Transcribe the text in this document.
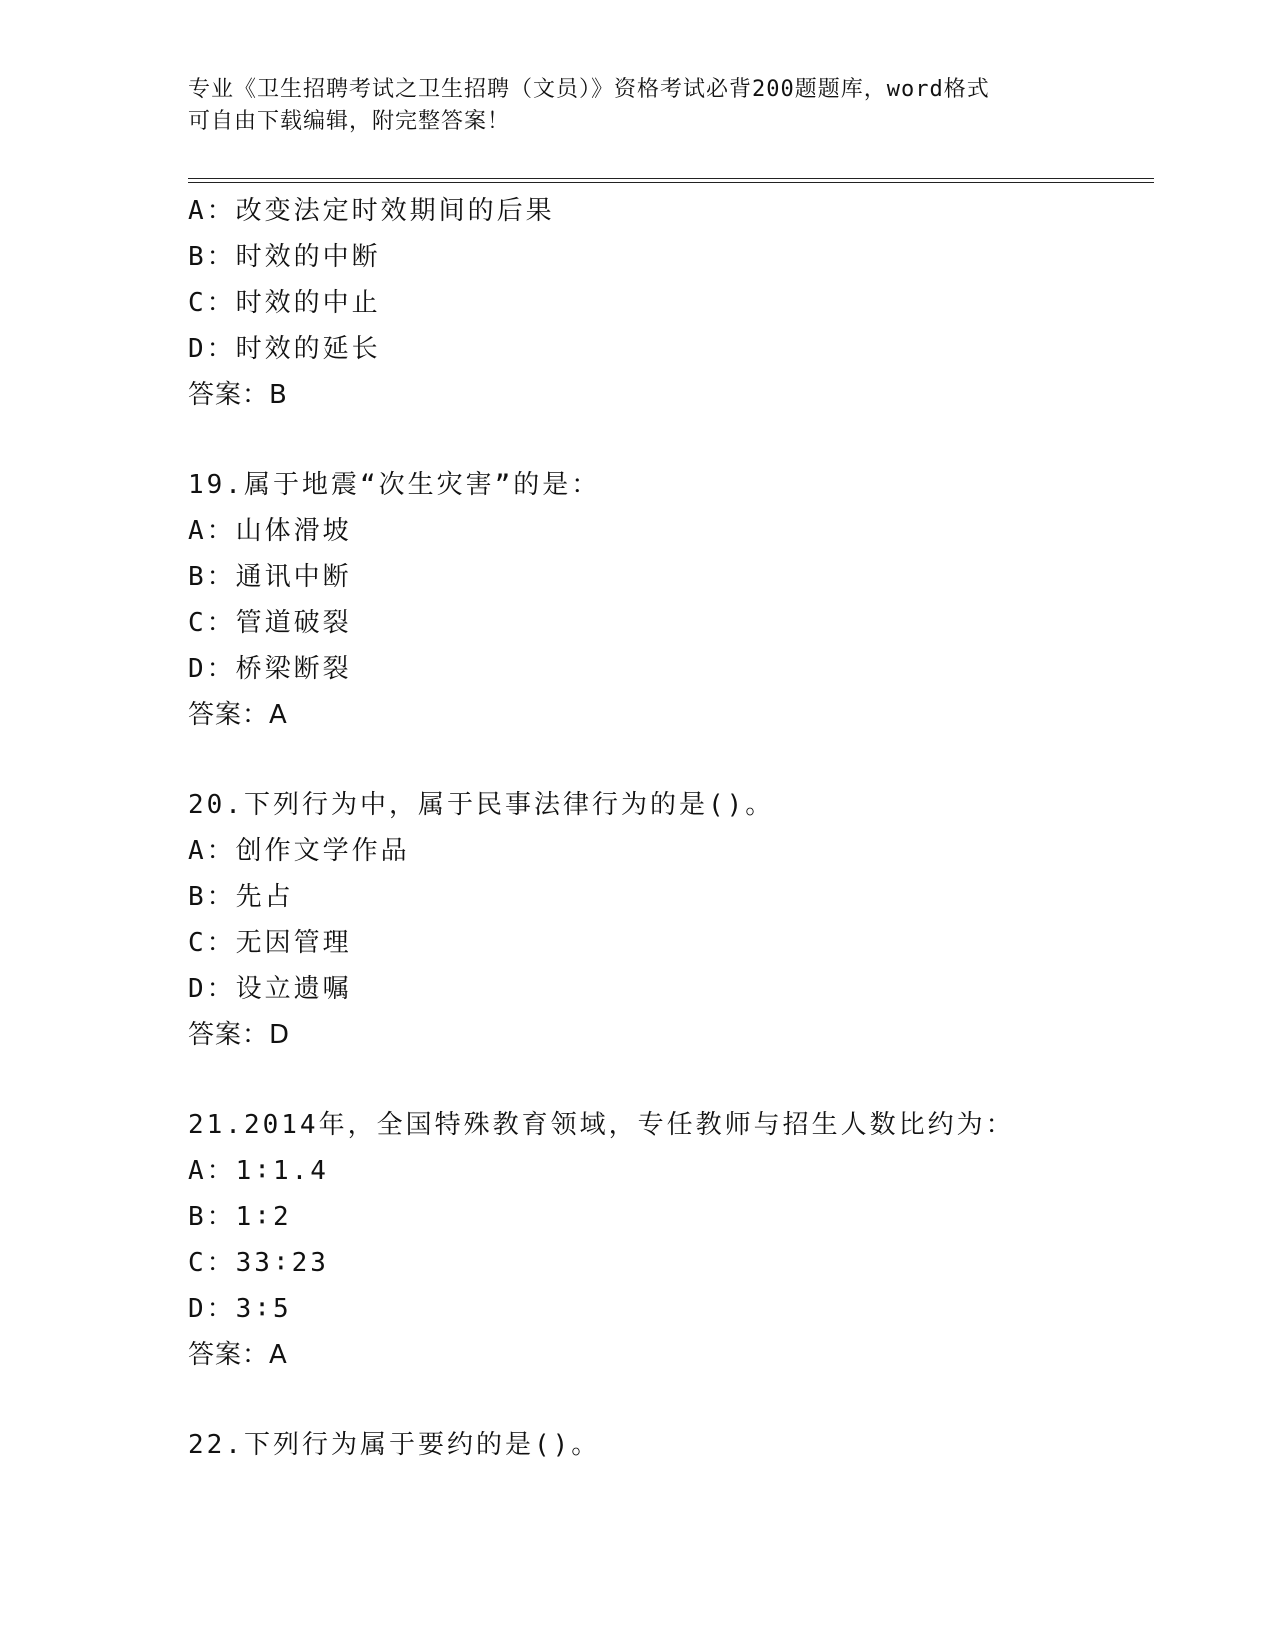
专业《卫生招聘考试之卫生招聘（文员）》资格考试必背200题题库，word格式
可自由下载编辑，附完整答案！
A：改变法定时效期间的后果
B：时效的中断
C：时效的中止
D：时效的延长
答案：B
19.属于地震“次生灾害”的是：
A：山体滑坡
B：通讯中断
C：管道破裂
D：桥梁断裂
答案：A
20.下列行为中，属于民事法律行为的是()。
A：创作文学作品
B：先占
C：无因管理
D：设立遗嘱
答案：D
21.2014年，全国特殊教育领域，专任教师与招生人数比约为：
A：1∶1.4
B：1∶2
C：33∶23
D：3∶5
答案：A
22.下列行为属于要约的是()。
